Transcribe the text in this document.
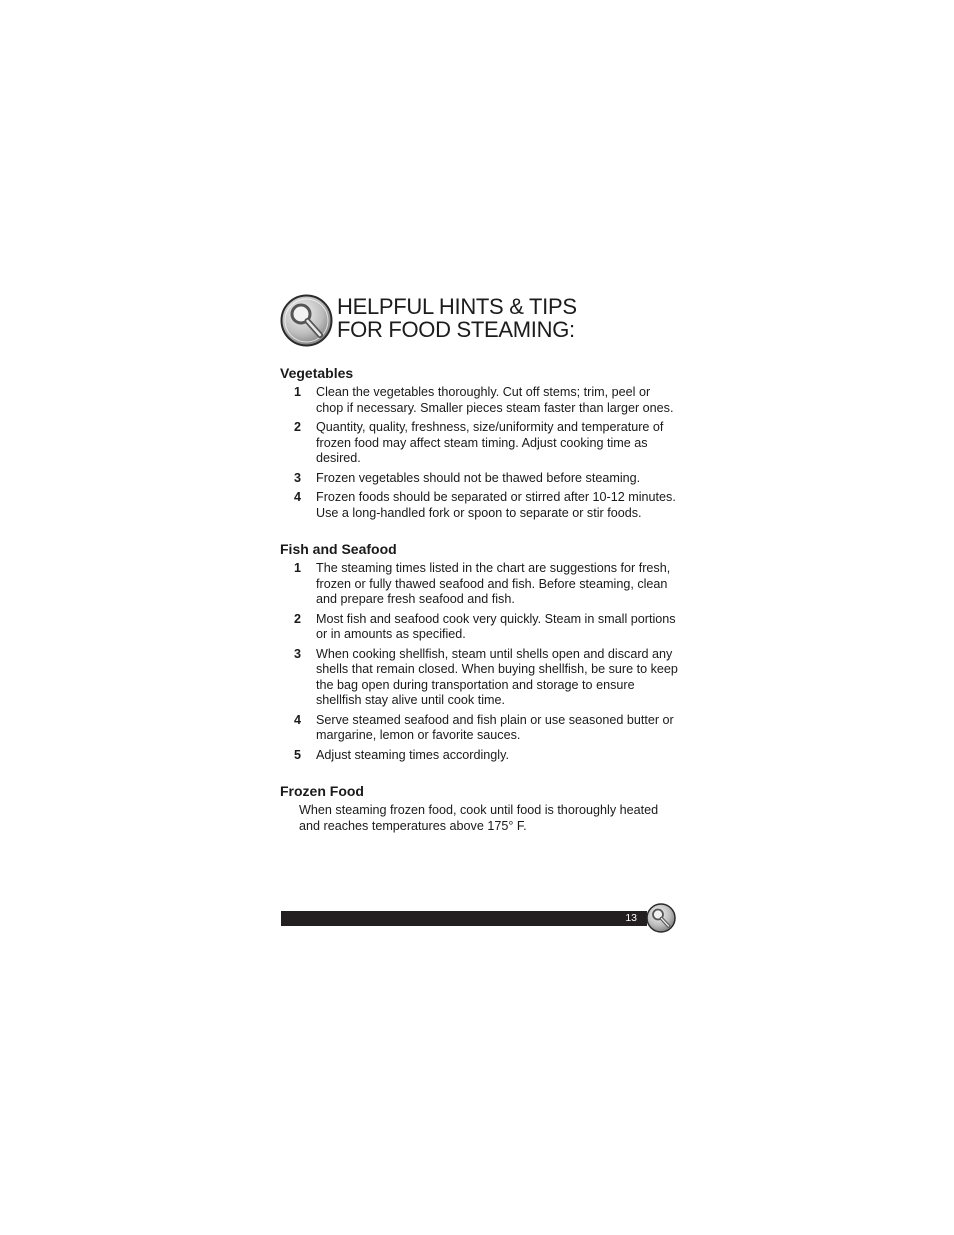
HELPFUL HINTS & TIPS
FOR FOOD STEAMING:
Vegetables
1	Clean the vegetables thoroughly. Cut off stems; trim, peel or chop if necessary. Smaller pieces steam faster than larger ones.
2	Quantity, quality, freshness, size/uniformity and temperature of frozen food may affect steam timing. Adjust cooking time as desired.
3	Frozen vegetables should not be thawed before steaming.
4	Frozen foods should be separated or stirred after 10-12 minutes. Use a long-handled fork or spoon to separate or stir foods.
Fish and Seafood
1	The steaming times listed in the chart are suggestions for fresh, frozen or fully thawed seafood and fish. Before steaming, clean and prepare fresh seafood and fish.
2	Most fish and seafood cook very quickly. Steam in small portions or in amounts as specified.
3	When cooking shellfish, steam until shells open and discard any shells that remain closed. When buying shellfish, be sure to keep the bag open during transportation and storage to ensure shellfish stay alive until cook time.
4	Serve steamed seafood and fish plain or use seasoned butter or margarine, lemon or favorite sauces.
5	Adjust steaming times accordingly.
Frozen Food

When steaming frozen food, cook until food is thoroughly heated and reaches temperatures above 175° F.

13
